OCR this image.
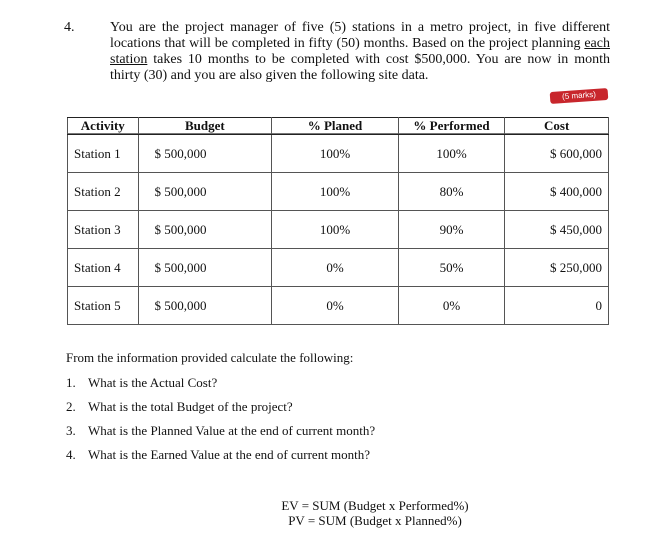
4.	You are the project manager of five (5) stations in a metro project, in five different locations that will be completed in fifty (50) months. Based on the project planning each station takes 10 months to be completed with cost $500,000. You are now in month thirty (30) and you are also given the following site data.
(5 marks)
Activity	Budget	% Planed	% Performed	Cost
Station 1	$ 500,000	100%	100%	$ 600,000
Station 2	$ 500,000	100%	80%	$ 400,000
Station 3	$ 500,000	100%	90%	$ 450,000
Station 4	$ 500,000	0%	50%	$ 250,000
Station 5	$ 500,000	0%	0%	0
From the information provided calculate the following:
1. What is the Actual Cost?
2. What is the total Budget of the project?
3. What is the Planned Value at the end of current month?
4. What is the Earned Value at the end of current month?
EV = SUM (Budget x Performed%)
PV = SUM (Budget x Planned%)
